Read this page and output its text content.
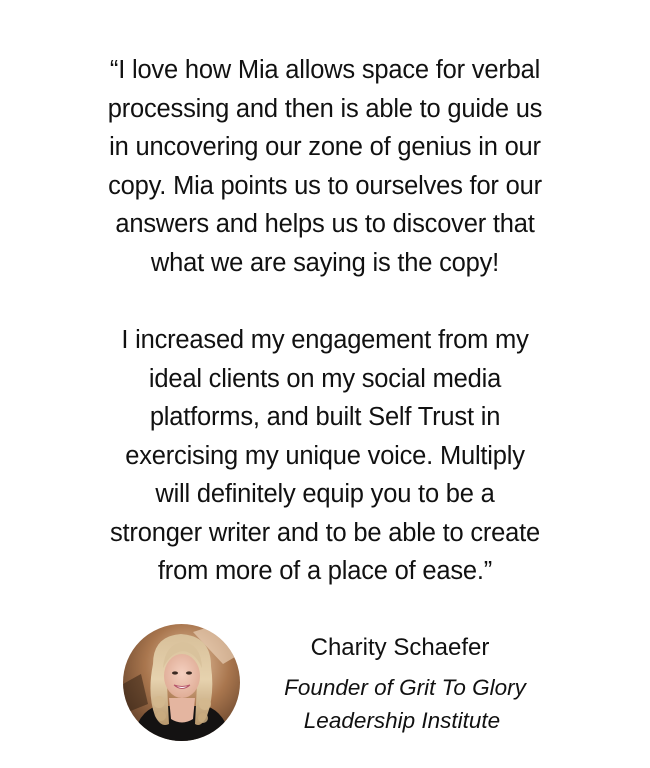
“I love how Mia allows space for verbal
processing and then is able to guide us
in uncovering our zone of genius in our
copy. Mia points us to ourselves for our
answers and helps us to discover that
what we are saying is the copy!
I increased my engagement from my
ideal clients on my social media
platforms, and built Self Trust in
exercising my unique voice. Multiply
will definitely equip you to be a
stronger writer and to be able to create
from more of a place of ease.”
Charity Schaefer
Founder of Grit To Glory
Leadership Institute
